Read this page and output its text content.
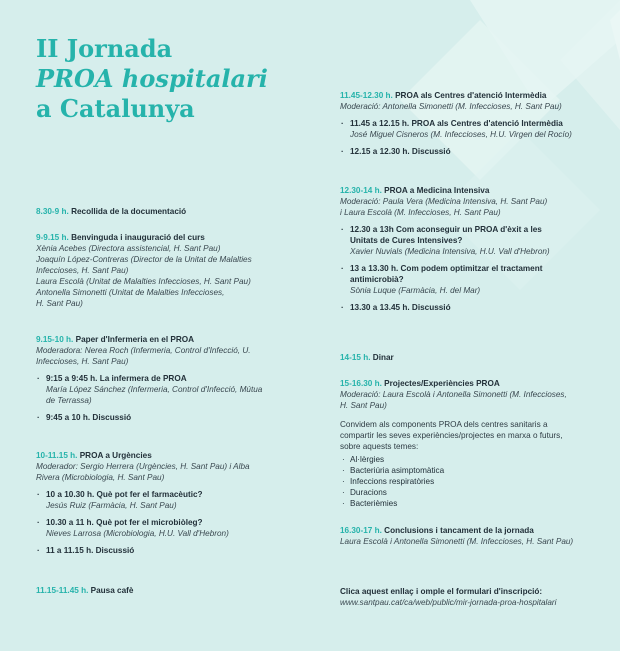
II Jornada
PROA hospitalari
a Catalunya
8.30-9 h. Recollida de la documentació
9-9.15 h. Benvinguda i inauguració del curs
Xènia Acebes (Directora assistencial, H. Sant Pau)
Joaquín López-Contreras (Director de la Unitat de Malalties
Infeccioses, H. Sant Pau)
Laura Escolà (Unitat de Malalties Infeccioses, H. Sant Pau)
Antonella Simonetti (Unitat de Malalties Infeccioses,
H. Sant Pau)
9.15-10 h. Paper d'Infermeria en el PROA
Moderadora: Nerea Roch (Infermeria, Control d'Infecció, U.
Infeccioses, H. Sant Pau)
· 9:15 a 9:45 h. La infermera de PROA
María López Sánchez (Infermeria, Control d'Infecció, Mútua
de Terrassa)
· 9:45 a 10 h. Discussió
10-11.15 h. PROA a Urgències
Moderador: Sergio Herrera (Urgències, H. Sant Pau) i Alba
Rivera (Microbiologia, H. Sant Pau)
· 10 a 10.30 h. Què pot fer el farmacèutic?
Jesús Ruiz (Farmàcia, H. Sant Pau)
· 10.30 a 11 h. Què pot fer el microbiòleg?
Nieves Larrosa (Microbiologia, H.U. Vall d'Hebron)
· 11 a 11.15 h. Discussió
11.15-11.45 h. Pausa cafè
11.45-12.30 h. PROA als Centres d'atenció Intermèdia
Moderació: Antonella Simonetti (M. Infeccioses, H. Sant Pau)
· 11.45 a 12.15 h. PROA als Centres d'atenció Intermèdia
José Miguel Cisneros (M. Infeccioses, H.U. Virgen del Rocío)
· 12.15 a 12.30 h. Discussió
12.30-14 h. PROA a Medicina Intensiva
Moderació: Paula Vera (Medicina Intensiva, H. Sant Pau)
i Laura Escolà (M. Infeccioses, H. Sant Pau)
· 12.30 a 13h Com aconseguir un PROA d'èxit a les
Unitats de Cures Intensives?
Xavier Nuvials (Medicina Intensiva, H.U. Vall d'Hebron)
· 13 a 13.30 h. Com podem optimitzar el tractament
antimicrobià?
Sònia Luque (Farmàcia, H. del Mar)
· 13.30 a 13.45 h. Discussió
14-15 h. Dinar
15-16.30 h. Projectes/Experiències PROA
Moderació: Laura Escolà i Antonella Simonetti (M. Infeccioses,
H. Sant Pau)
Convidem als components PROA dels centres sanitaris a
compartir les seves experiències/projectes en marxa o futurs,
sobre aquests temes:
· Al·lèrgies
· Bacteriúria asimptomàtica
· Infeccions respiratòries
· Duracions
· Bacterièmies
16.30-17 h. Conclusions i tancament de la jornada
Laura Escolà i Antonella Simonetti (M. Infeccioses, H. Sant Pau)
Clica aquest enllaç i omple el formulari d'inscripció:
www.santpau.cat/ca/web/public/mir-jornada-proa-hospitalari
